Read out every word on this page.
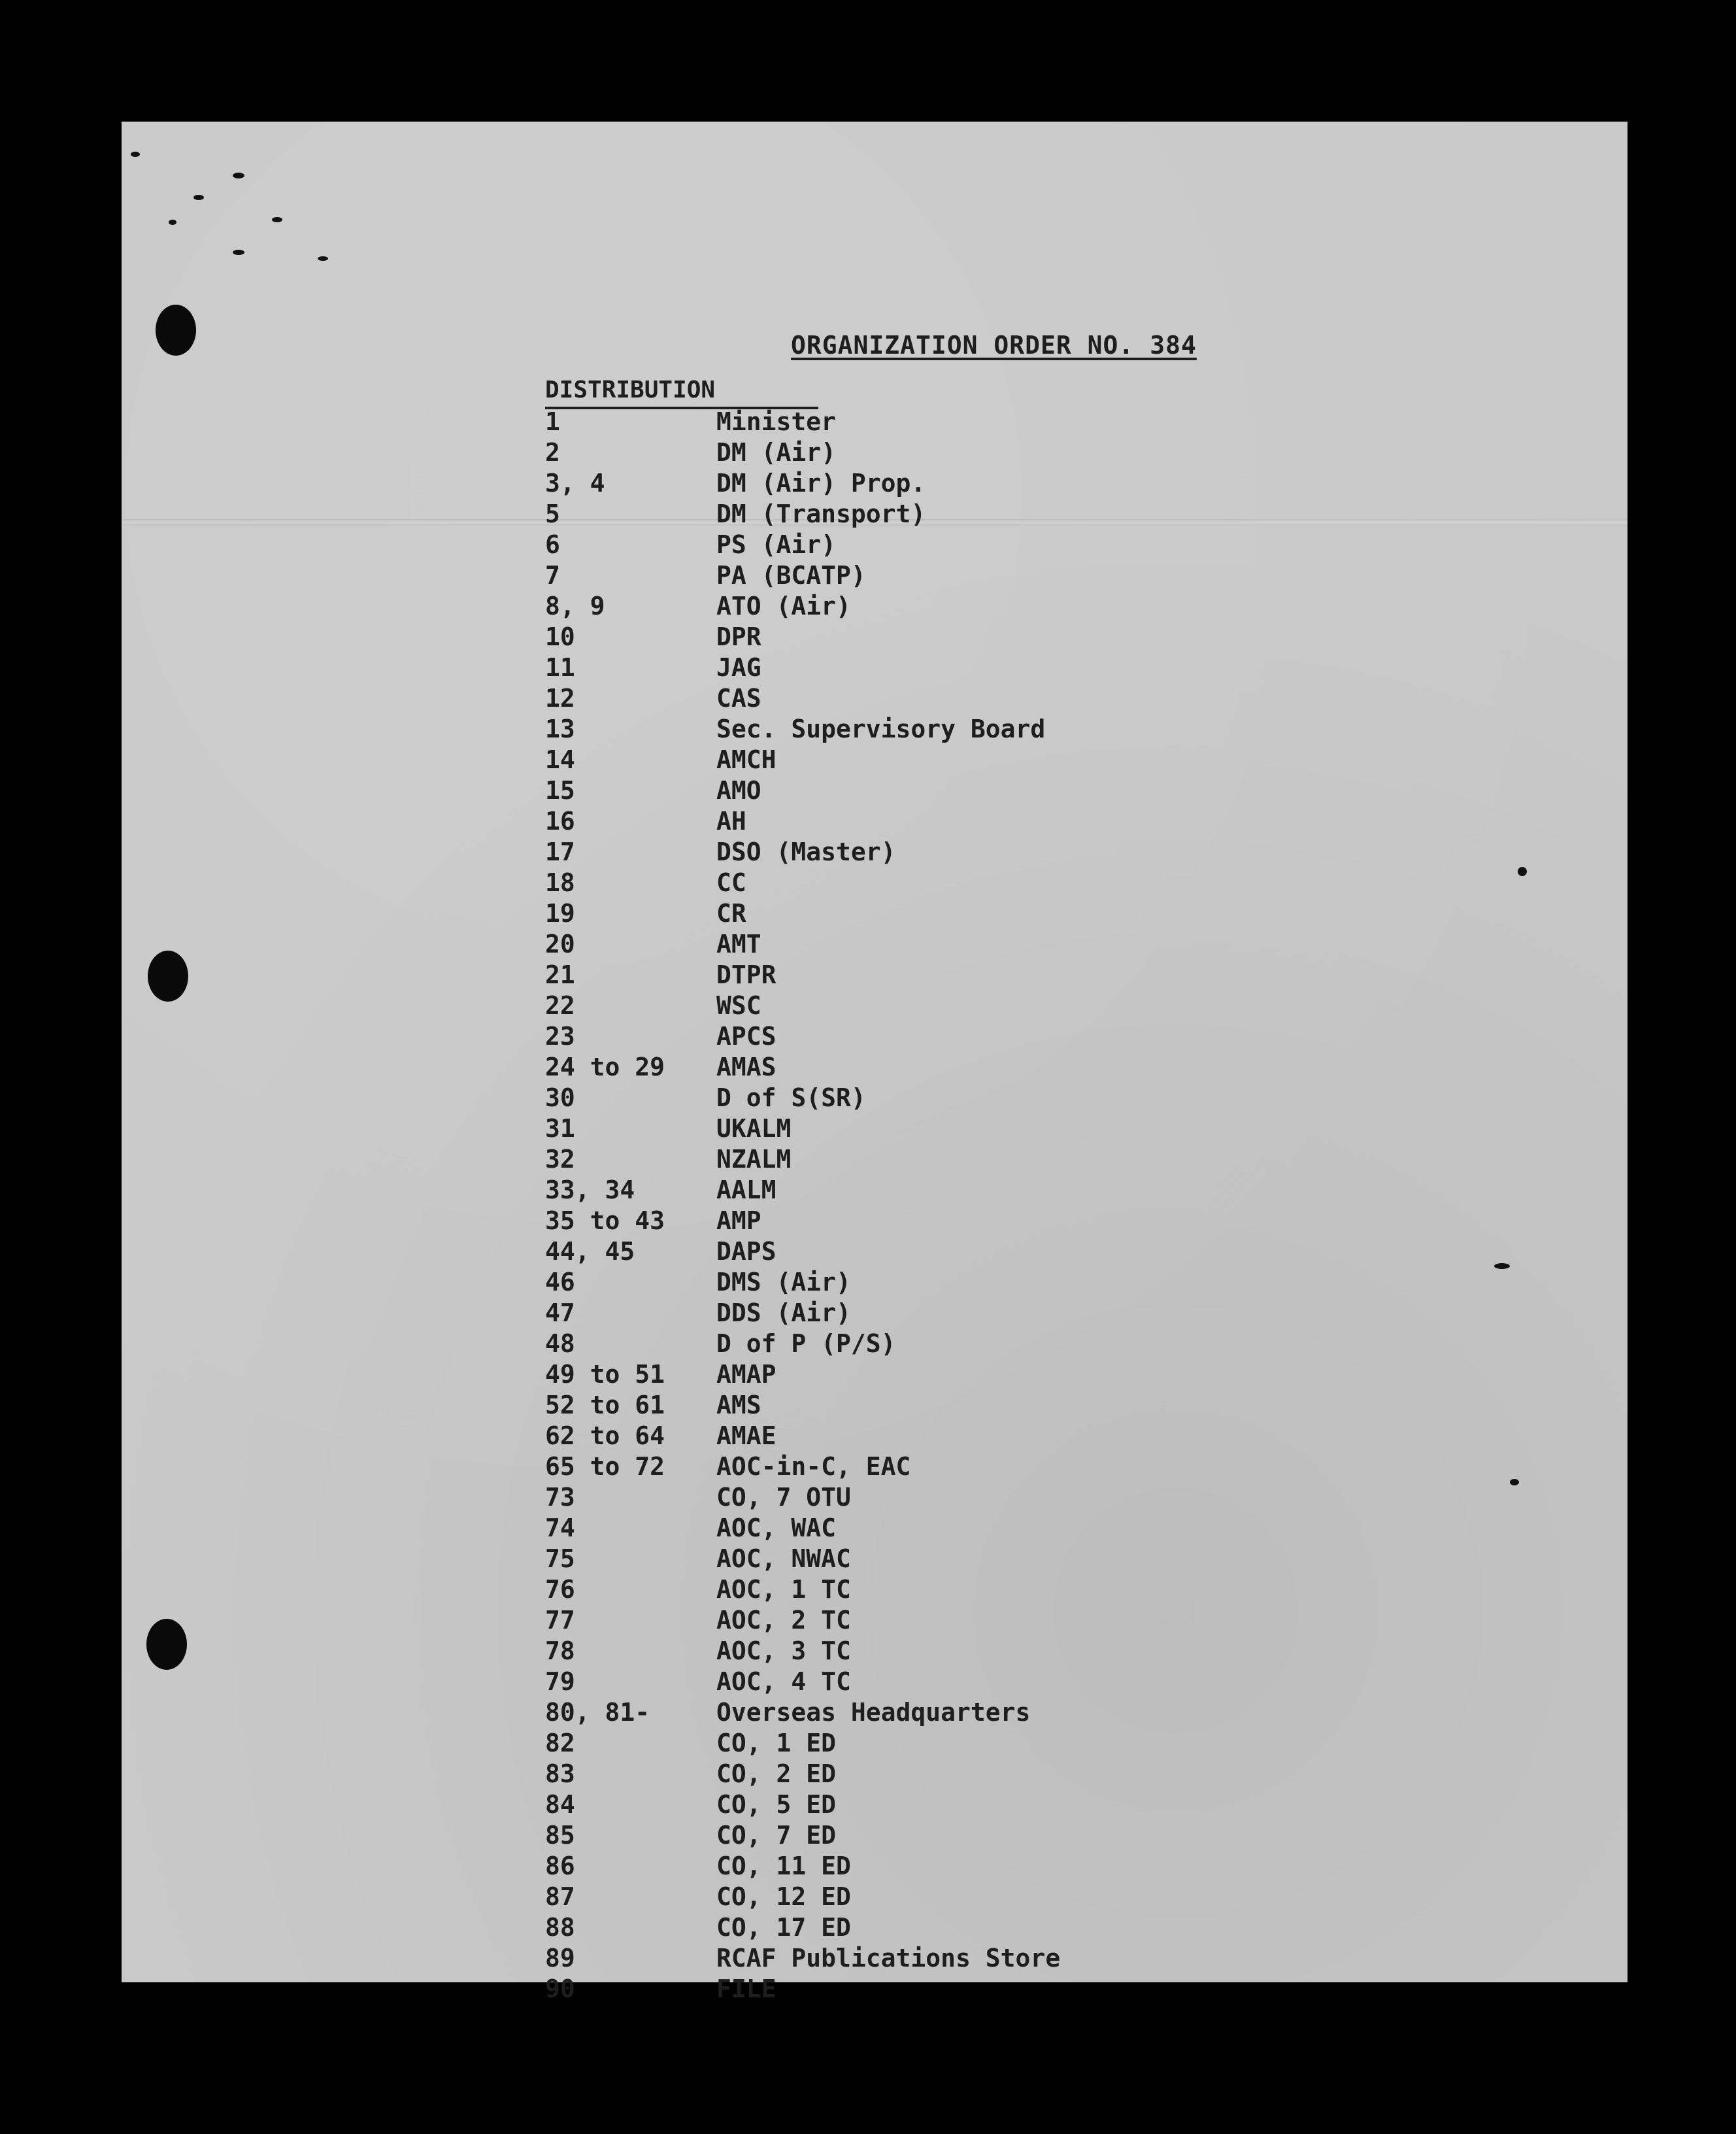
ORGANIZATION ORDER NO. 384
DISTRIBUTION
1	Minister
2	DM (Air)
3, 4	DM (Air) Prop.
5	DM (Transport)
6	PS (Air)
7	PA (BCATP)
8, 9	ATO (Air)
10	DPR
11	JAG
12	CAS
13	Sec. Supervisory Board
14	AMCH
15	AMO
16	AH
17	DSO (Master)
18	CC
19	CR
20	AMT
21	DTPR
22	WSC
23	APCS
24 to 29	AMAS
30	D of S(SR)
31	UKALM
32	NZALM
33, 34	AALM
35 to 43	AMP
44, 45	DAPS
46	DMS (Air)
47	DDS (Air)
48	D of P (P/S)
49 to 51	AMAP
52 to 61	AMS
62 to 64	AMAE
65 to 72	AOC-in-C, EAC
73	CO, 7 OTU
74	AOC, WAC
75	AOC, NWAC
76	AOC, 1 TC
77	AOC, 2 TC
78	AOC, 3 TC
79	AOC, 4 TC
80, 81-	Overseas Headquarters
82	CO, 1 ED
83	CO, 2 ED
84	CO, 5 ED
85	CO, 7 ED
86	CO, 11 ED
87	CO, 12 ED
88	CO, 17 ED
89	RCAF Publications Store
90	FILE
